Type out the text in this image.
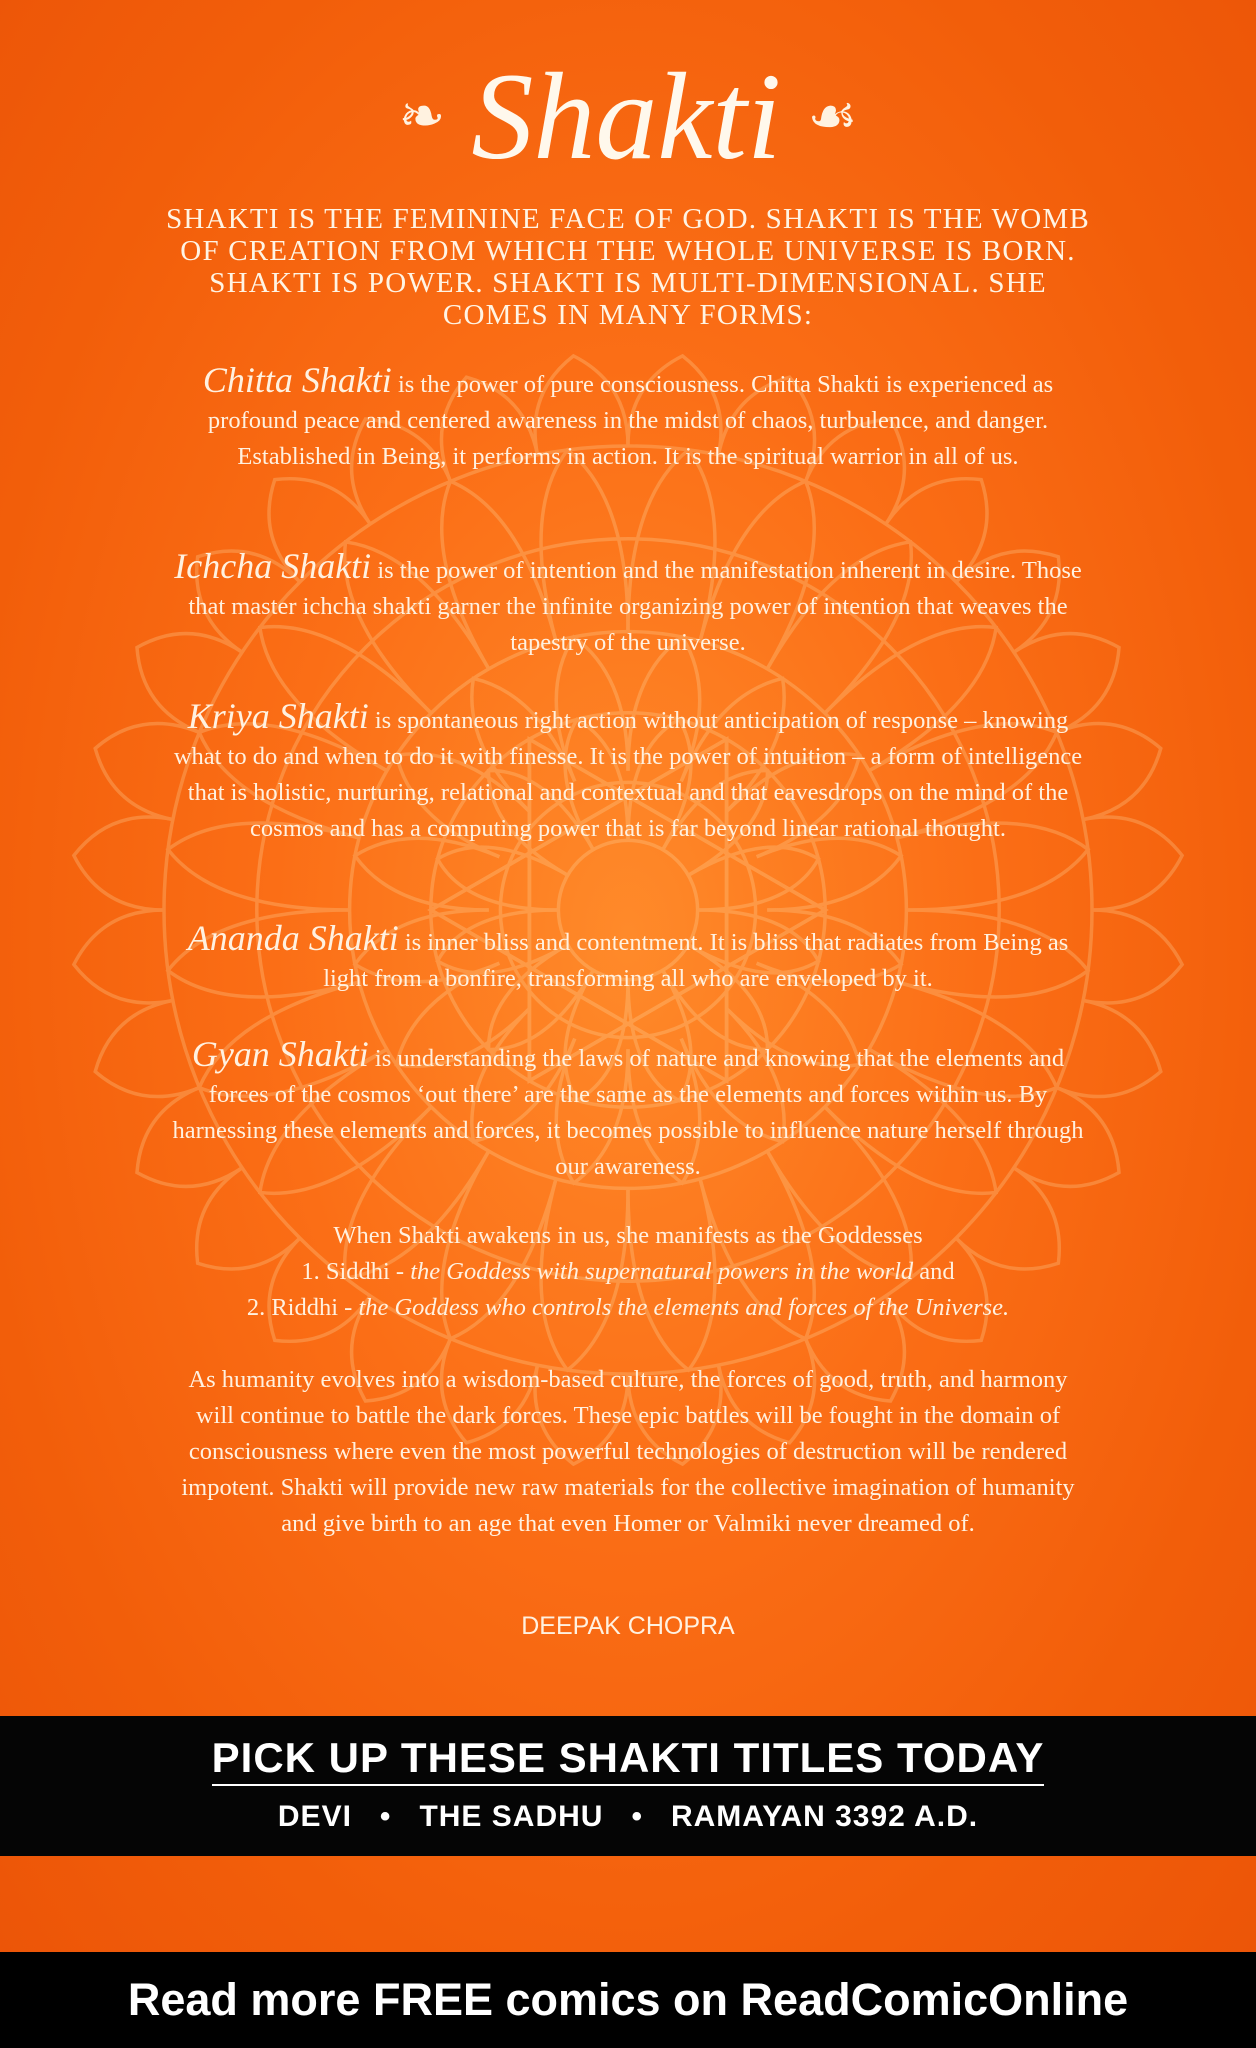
❧ Shakti ☙
SHAKTI IS THE FEMININE FACE OF GOD. SHAKTI IS THE WOMB OF CREATION FROM WHICH THE WHOLE UNIVERSE IS BORN. SHAKTI IS POWER. SHAKTI IS MULTI-DIMENSIONAL. SHE COMES IN MANY FORMS:
Chitta Shakti is the power of pure consciousness. Chitta Shakti is experienced as profound peace and centered awareness in the midst of chaos, turbulence, and danger. Established in Being, it performs in action. It is the spiritual warrior in all of us.
Ichcha Shakti is the power of intention and the manifestation inherent in desire. Those that master ichcha shakti garner the infinite organizing power of intention that weaves the tapestry of the universe.
Kriya Shakti is spontaneous right action without anticipation of response – knowing what to do and when to do it with finesse. It is the power of intuition – a form of intelligence that is holistic, nurturing, relational and contextual and that eavesdrops on the mind of the cosmos and has a computing power that is far beyond linear rational thought.
Ananda Shakti is inner bliss and contentment. It is bliss that radiates from Being as light from a bonfire, transforming all who are enveloped by it.
Gyan Shakti is understanding the laws of nature and knowing that the elements and forces of the cosmos ‘out there’ are the same as the elements and forces within us. By harnessing these elements and forces, it becomes possible to influence nature herself through our awareness.
When Shakti awakens in us, she manifests as the Goddesses
1. Siddhi - the Goddess with supernatural powers in the world and
2. Riddhi - the Goddess who controls the elements and forces of the Universe.
As humanity evolves into a wisdom-based culture, the forces of good, truth, and harmony will continue to battle the dark forces. These epic battles will be fought in the domain of consciousness where even the most powerful technologies of destruction will be rendered impotent. Shakti will provide new raw materials for the collective imagination of humanity and give birth to an age that even Homer or Valmiki never dreamed of.
DEEPAK CHOPRA
PICK UP THESE SHAKTI TITLES TODAY
DEVI • THE SADHU • RAMAYAN 3392 A.D.
Read more FREE comics on ReadComicOnline
